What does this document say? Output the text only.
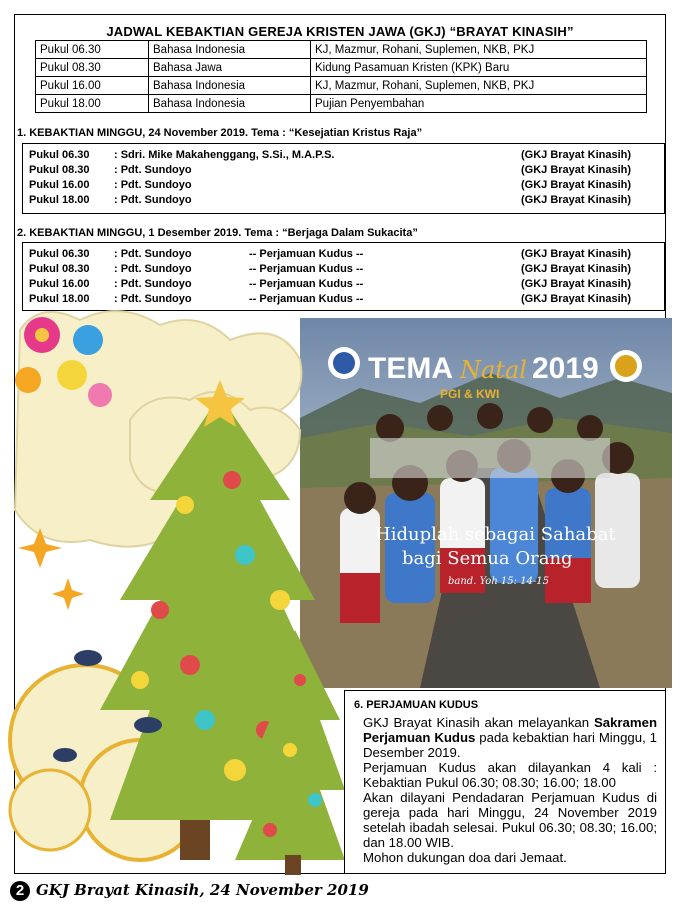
JADWAL KEBAKTIAN GEREJA KRISTEN JAWA (GKJ) “BRAYAT KINASIH”
Pukul 06.30	Bahasa Indonesia	KJ, Mazmur, Rohani, Suplemen, NKB, PKJ
Pukul 08.30	Bahasa Jawa	Kidung Pasamuan Kristen (KPK) Baru
Pukul 16.00	Bahasa Indonesia	KJ, Mazmur, Rohani, Suplemen, NKB, PKJ
Pukul 18.00	Bahasa Indonesia	Pujian Penyembahan
1. KEBAKTIAN MINGGU, 24 November 2019. Tema : “Kesejatian Kristus Raja”
Pukul 06.30 : Sdri. Mike Makahenggang, S.Si., M.A.P.S.	(GKJ Brayat Kinasih)
Pukul 08.30 : Pdt. Sundoyo	(GKJ Brayat Kinasih)
Pukul 16.00 : Pdt. Sundoyo	(GKJ Brayat Kinasih)
Pukul 18.00 : Pdt. Sundoyo	(GKJ Brayat Kinasih)
2. KEBAKTIAN MINGGU, 1 Desember 2019. Tema : “Berjaga Dalam Sukacita”
Pukul 06.30 : Pdt. Sundoyo	-- Perjamuan Kudus --	(GKJ Brayat Kinasih)
Pukul 08.30 : Pdt. Sundoyo	-- Perjamuan Kudus --	(GKJ Brayat Kinasih)
Pukul 16.00 : Pdt. Sundoyo	-- Perjamuan Kudus --	(GKJ Brayat Kinasih)
Pukul 18.00 : Pdt. Sundoyo	-- Perjamuan Kudus --	(GKJ Brayat Kinasih)
TEMA Natal 2019
PGI & KWI
Hiduplah sebagai Sahabat
bagi Semua Orang
band. Yoh 15: 14-15
6. PERJAMUAN KUDUS
GKJ Brayat Kinasih akan melayankan Sakramen Perjamuan Kudus pada kebaktian hari Minggu, 1 Desember 2019.
Perjamuan Kudus akan dilayankan 4 kali : Kebaktian Pukul 06.30; 08.30; 16.00; 18.00
Akan dilayani Pendadaran Perjamuan Kudus di gereja pada hari Minggu, 24 November 2019 setelah ibadah selesai. Pukul 06.30; 08.30; 16.00; dan 18.00 WIB.
Mohon dukungan doa dari Jemaat.
2 GKJ Brayat Kinasih, 24 November 2019
